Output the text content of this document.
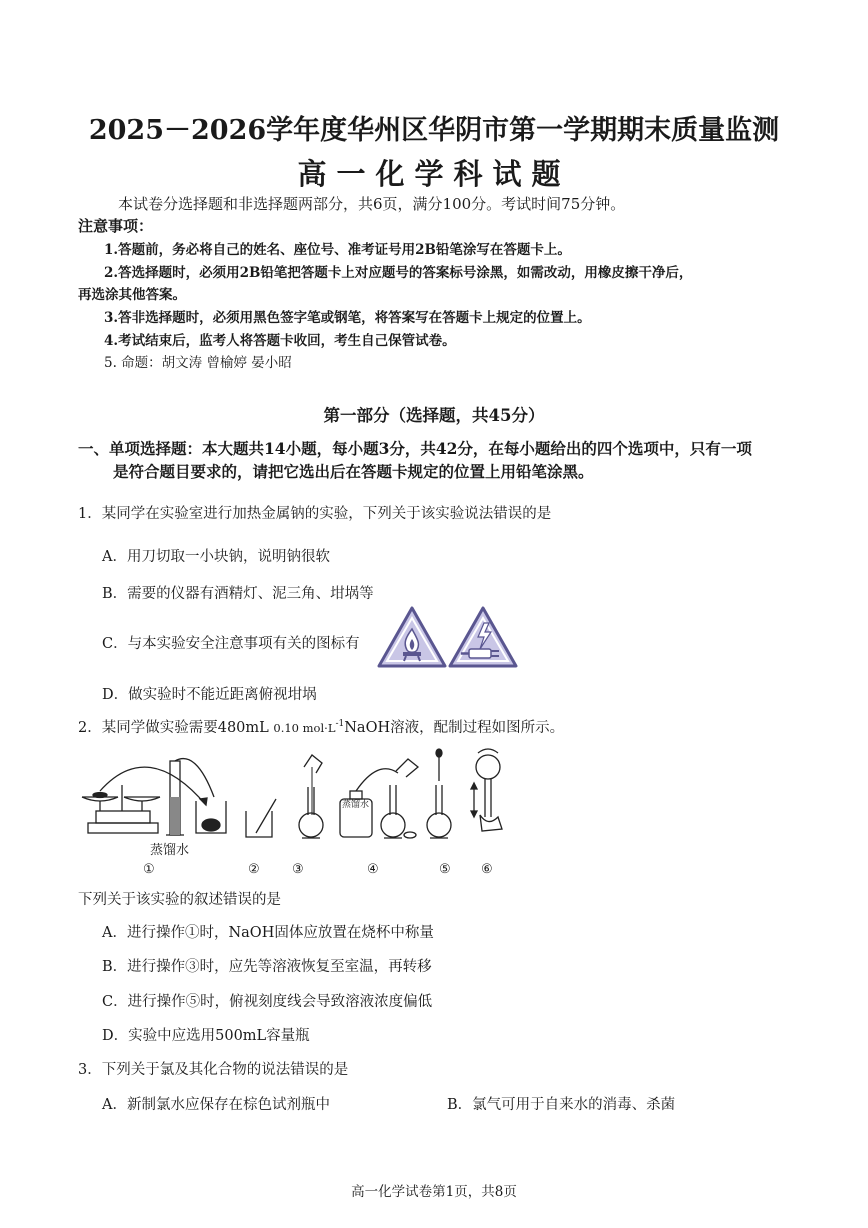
2025－2026学年度华州区华阴市第一学期期末质量监测
高一化学科试题
本试卷分选择题和非选择题两部分，共6页，满分100分。考试时间75分钟。
注意事项：
1.答题前，务必将自己的姓名、座位号、准考证号用2B铅笔涂写在答题卡上。
2.答选择题时，必须用2B铅笔把答题卡上对应题号的答案标号涂黑，如需改动，用橡皮擦干净后，
再选涂其他答案。
3.答非选择题时，必须用黑色签字笔或钢笔，将答案写在答题卡上规定的位置上。
4.考试结束后，监考人将答题卡收回，考生自己保管试卷。
5. 命题：胡文涛 曾榆婷 晏小昭
第一部分（选择题，共45分）
一、单项选择题：本大题共14小题，每小题3分，共42分，在每小题给出的四个选项中，只有一项
是符合题目要求的，请把它选出后在答题卡规定的位置上用铅笔涂黑。
1．某同学在实验室进行加热金属钠的实验，下列关于该实验说法错误的是
A．用刀切取一小块钠，说明钠很软
B．需要的仪器有酒精灯、泥三角、坩埚等
C．与本实验安全注意事项有关的图标有
D．做实验时不能近距离俯视坩埚
2．某同学做实验需要480mL 0.10 $mol\cdot L^{-1}NaOH$溶液，配制过程如图所示。
蒸馏水
蒸馏水
①	② ③	④	⑤ ⑥
下列关于该实验的叙述错误的是
A．进行操作①时，NaOH固体应放置在烧杯中称量
B．进行操作③时，应先等溶液恢复至室温，再转移
C．进行操作⑤时，俯视刻度线会导致溶液浓度偏低
D．实验中应选用500mL容量瓶
3．下列关于氯及其化合物的说法错误的是
A．新制氯水应保存在棕色试剂瓶中	B．氯气可用于自来水的消毒、杀菌
高一化学试卷第1页，共8页
